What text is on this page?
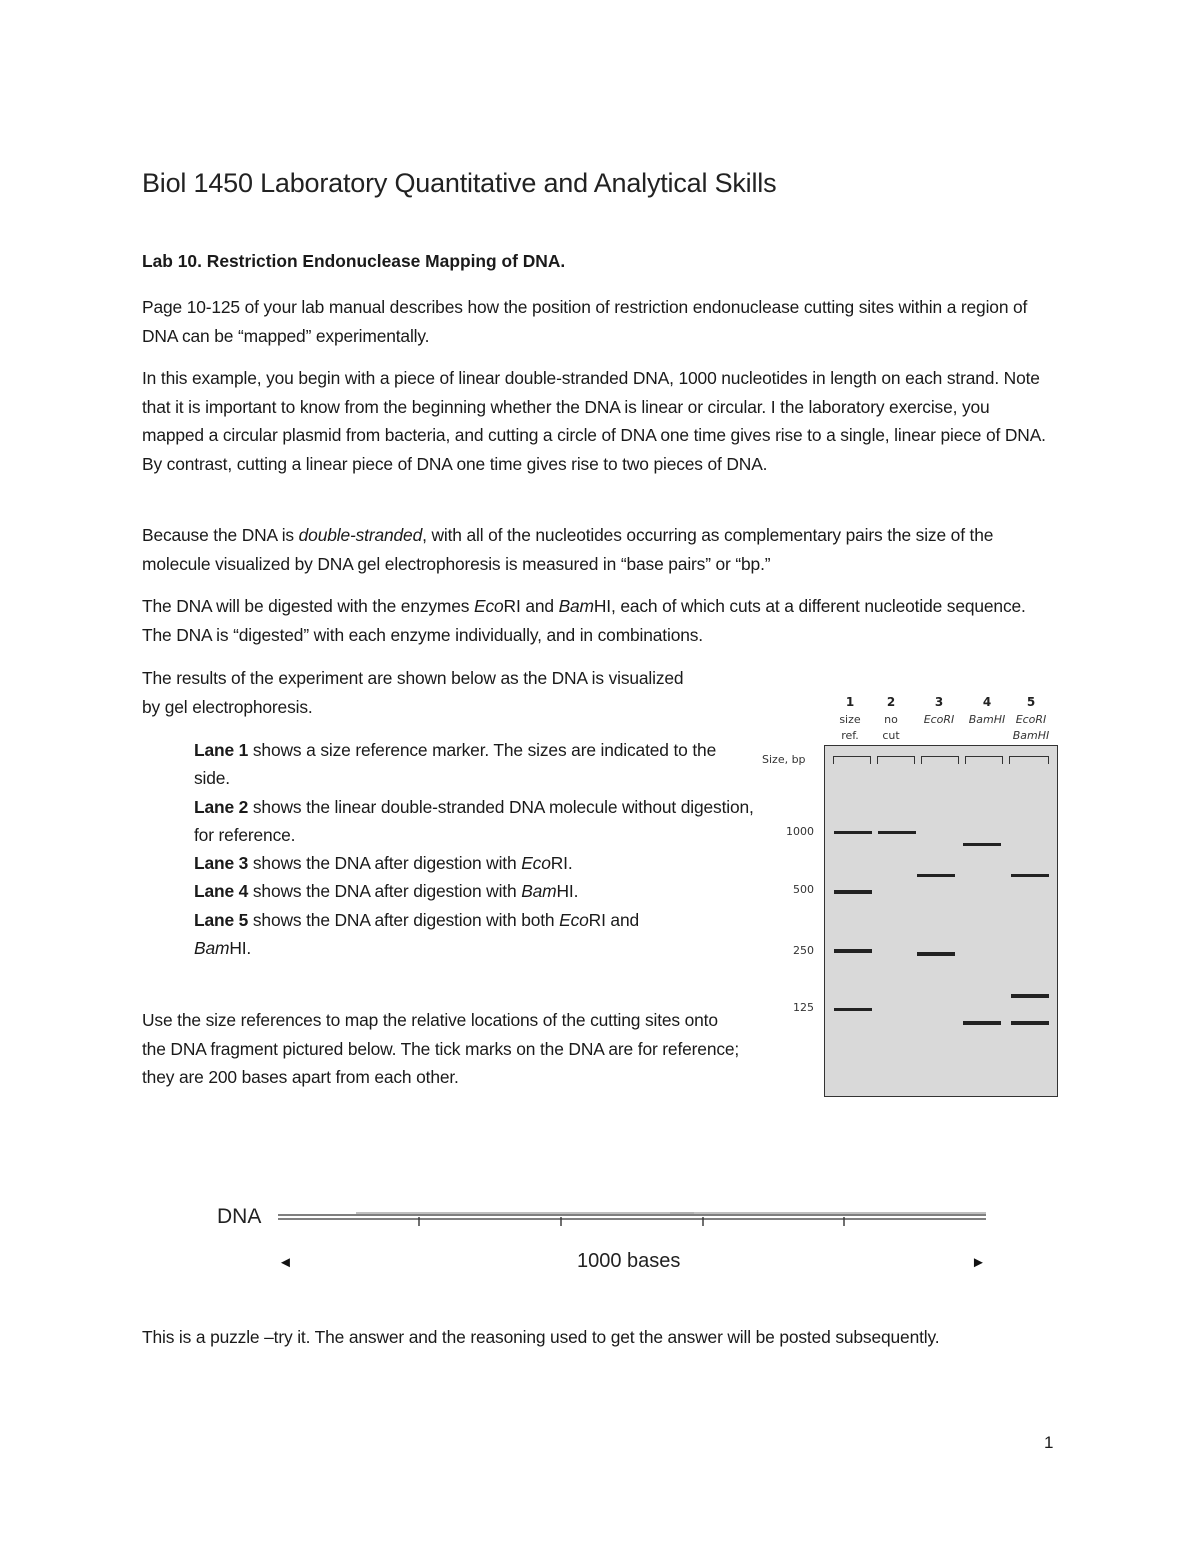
Biol 1450 Laboratory Quantitative and Analytical Skills
Lab 10. Restriction Endonuclease Mapping of DNA.

Page 10-125 of your lab manual describes how the position of restriction endonuclease cutting sites within a region of DNA can be “mapped” experimentally.

In this example, you begin with a piece of linear double-stranded DNA, 1000 nucleotides in length on each strand. Note that it is important to know from the beginning whether the DNA is linear or circular. I the laboratory exercise, you mapped a circular plasmid from bacteria, and cutting a circle of DNA one time gives rise to a single, linear piece of DNA. By contrast, cutting a linear piece of DNA one time gives rise to two pieces of DNA.

Because the DNA is double-stranded, with all of the nucleotides occurring as complementary pairs the size of the molecule visualized by DNA gel electrophoresis is measured in “base pairs” or “bp.”

The DNA will be digested with the enzymes EcoRI and BamHI, each of which cuts at a different nucleotide sequence. The DNA is “digested” with each enzyme individually, and in combinations.

The results of the experiment are shown below as the DNA is visualized by gel electrophoresis.

Lane 1 shows a size reference marker. The sizes are indicated to the side.
Lane 2 shows the linear double-stranded DNA molecule without digestion, for reference.
Lane 3 shows the DNA after digestion with EcoRI.
Lane 4 shows the DNA after digestion with BamHI.
Lane 5 shows the DNA after digestion with both EcoRI and
BamHI.

Use the size references to map the relative locations of the cutting sites onto the DNA fragment pictured below. The tick marks on the DNA are for reference; they are 200 bases apart from each other.

1	2	3	4	5
size	no	EcoRI	BamHI EcoRI
ref.	cut	BamHI
Size, bp
1000
500
250
125
DNA
◄	1000 bases	►

This is a puzzle –try it. The answer and the reasoning used to get the answer will be posted subsequently.

1
